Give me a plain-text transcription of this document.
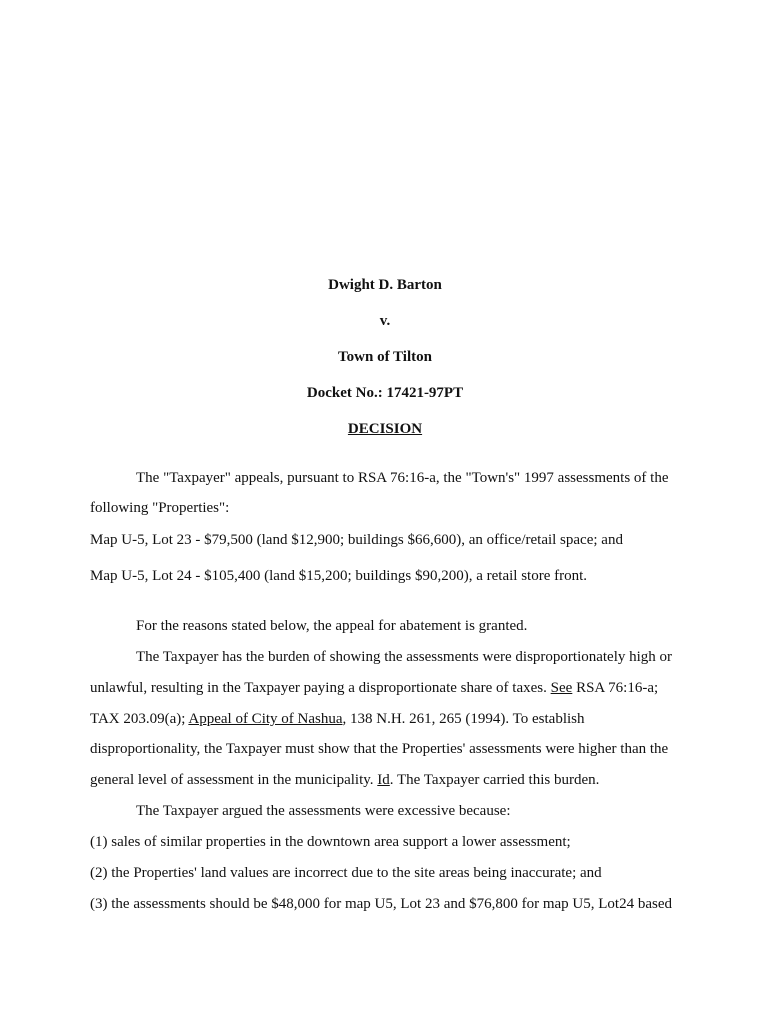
Dwight D. Barton
v.
Town of Tilton
Docket No.: 17421-97PT
DECISION
The "Taxpayer" appeals, pursuant to RSA 76:16-a, the "Town's" 1997 assessments of the
following "Properties":
Map U-5, Lot 23 - $79,500 (land $12,900; buildings $66,600), an office/retail space; and
Map U-5, Lot 24 - $105,400 (land $15,200; buildings $90,200), a retail store front.
For the reasons stated below, the appeal for abatement is granted.
The Taxpayer has the burden of showing the assessments were disproportionately high or
unlawful, resulting in the Taxpayer paying a disproportionate share of taxes. See RSA 76:16-a;
TAX 203.09(a); Appeal of City of Nashua, 138 N.H. 261, 265 (1994). To establish
disproportionality, the Taxpayer must show that the Properties' assessments were higher than the
general level of assessment in the municipality. Id. The Taxpayer carried this burden.
The Taxpayer argued the assessments were excessive because:
(1) sales of similar properties in the downtown area support a lower assessment;
(2) the Properties' land values are incorrect due to the site areas being inaccurate; and
(3) the assessments should be $48,000 for map U5, Lot 23 and $76,800 for map U5, Lot24 based
